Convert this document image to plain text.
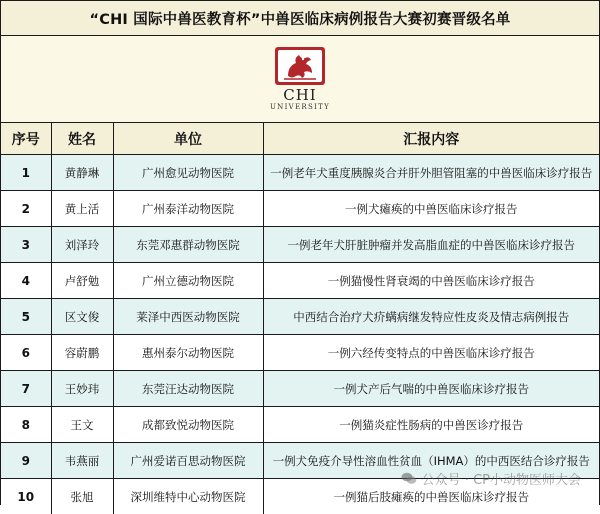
“CHI 国际中兽医教育杯”中兽医临床病例报告大赛初赛晋级名单
CHI
UNIVERSITY
序号	姓名	单位	汇报内容
1	黄静琳	广州愈见动物医院	一例老年犬重度胰腺炎合并肝外胆管阻塞的中兽医临床诊疗报告
2	黄上活	广州泰洋动物医院	一例犬瘫痪的中兽医临床诊疗报告
3	刘泽玲	东莞邓惠群动物医院	一例老年犬肝脏肿瘤并发高脂血症的中兽医临床诊疗报告
4	卢舒勉	广州立德动物医院	一例猫慢性肾衰竭的中兽医临床诊疗报告
5	区文俊	莱泽中西医动物医院	中西结合治疗犬疥螨病继发特应性皮炎及情志病例报告
6	容蔚鹏	惠州泰尔动物医院	一例六经传变特点的中兽医临床诊疗报告
7	王妙玮	东莞汪达动物医院	一例犬产后气喘的中兽医临床诊疗报告
8	王文	成都致悦动物医院	一例猫炎症性肠病的中兽医诊疗报告
9	韦燕丽	广州爱诺百思动物医院	一例犬免疫介导性溶血性贫血（IHMA）的中西医结合诊疗报告
10	张旭	深圳维特中心动物医院	一例猫后肢瘫痪的中兽医临床诊疗报告
公众号 · CP小动物医师大会
